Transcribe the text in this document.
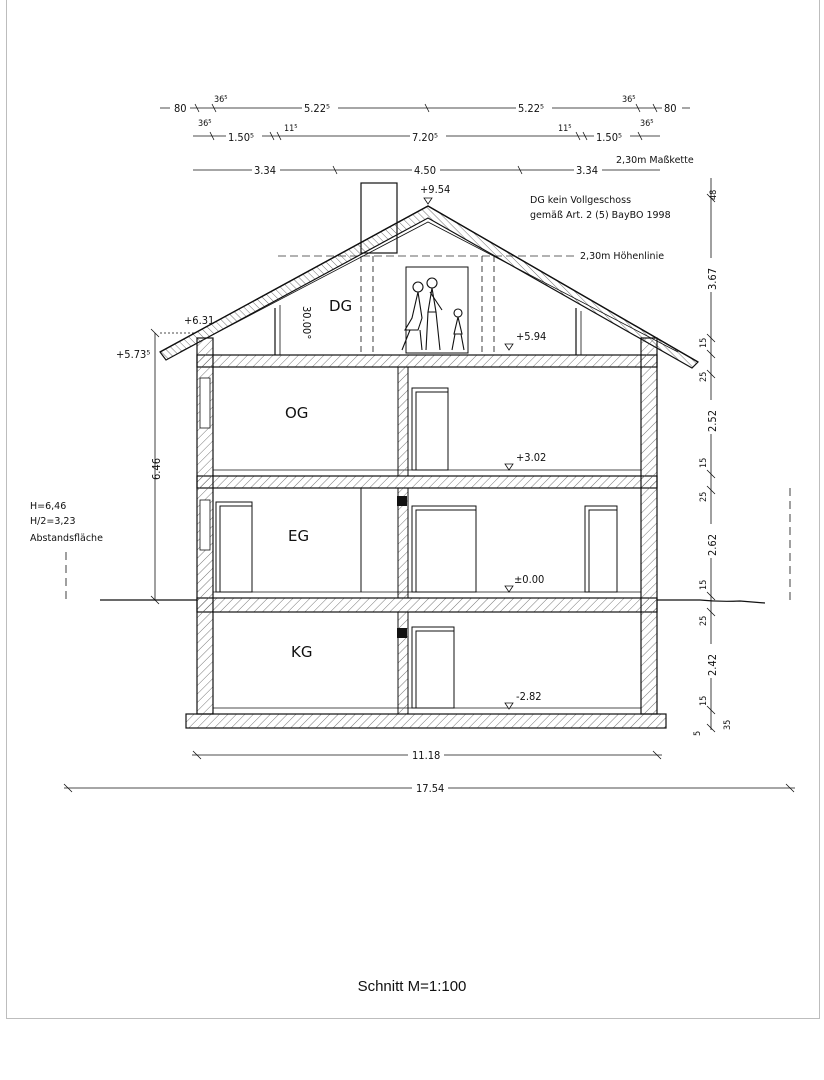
80
36⁵
5.22⁵	5.22⁵
36⁵
80
36⁵
1.50⁵
11⁵
7.20⁵
11⁵
1.50⁵
36⁵
3.34	4.50	3.34
2,30m Maßkette
DG kein Vollgeschoss
gemäß Art. 2 (5) BayBO 1998
2,30m Höhenlinie
+9.54
+6.31
+5.73⁵
DG
30.00°	+5.94
OG
EG
KG
+3.02
±0.00
-2.82
6.46
H=6,46
H/2=3,23
Abstandsfläche
48
3.67
15
25
2.52
15
25
2.62
15
25
2.42
15
5
35
11.18
17.54
Schnitt M=1:100
